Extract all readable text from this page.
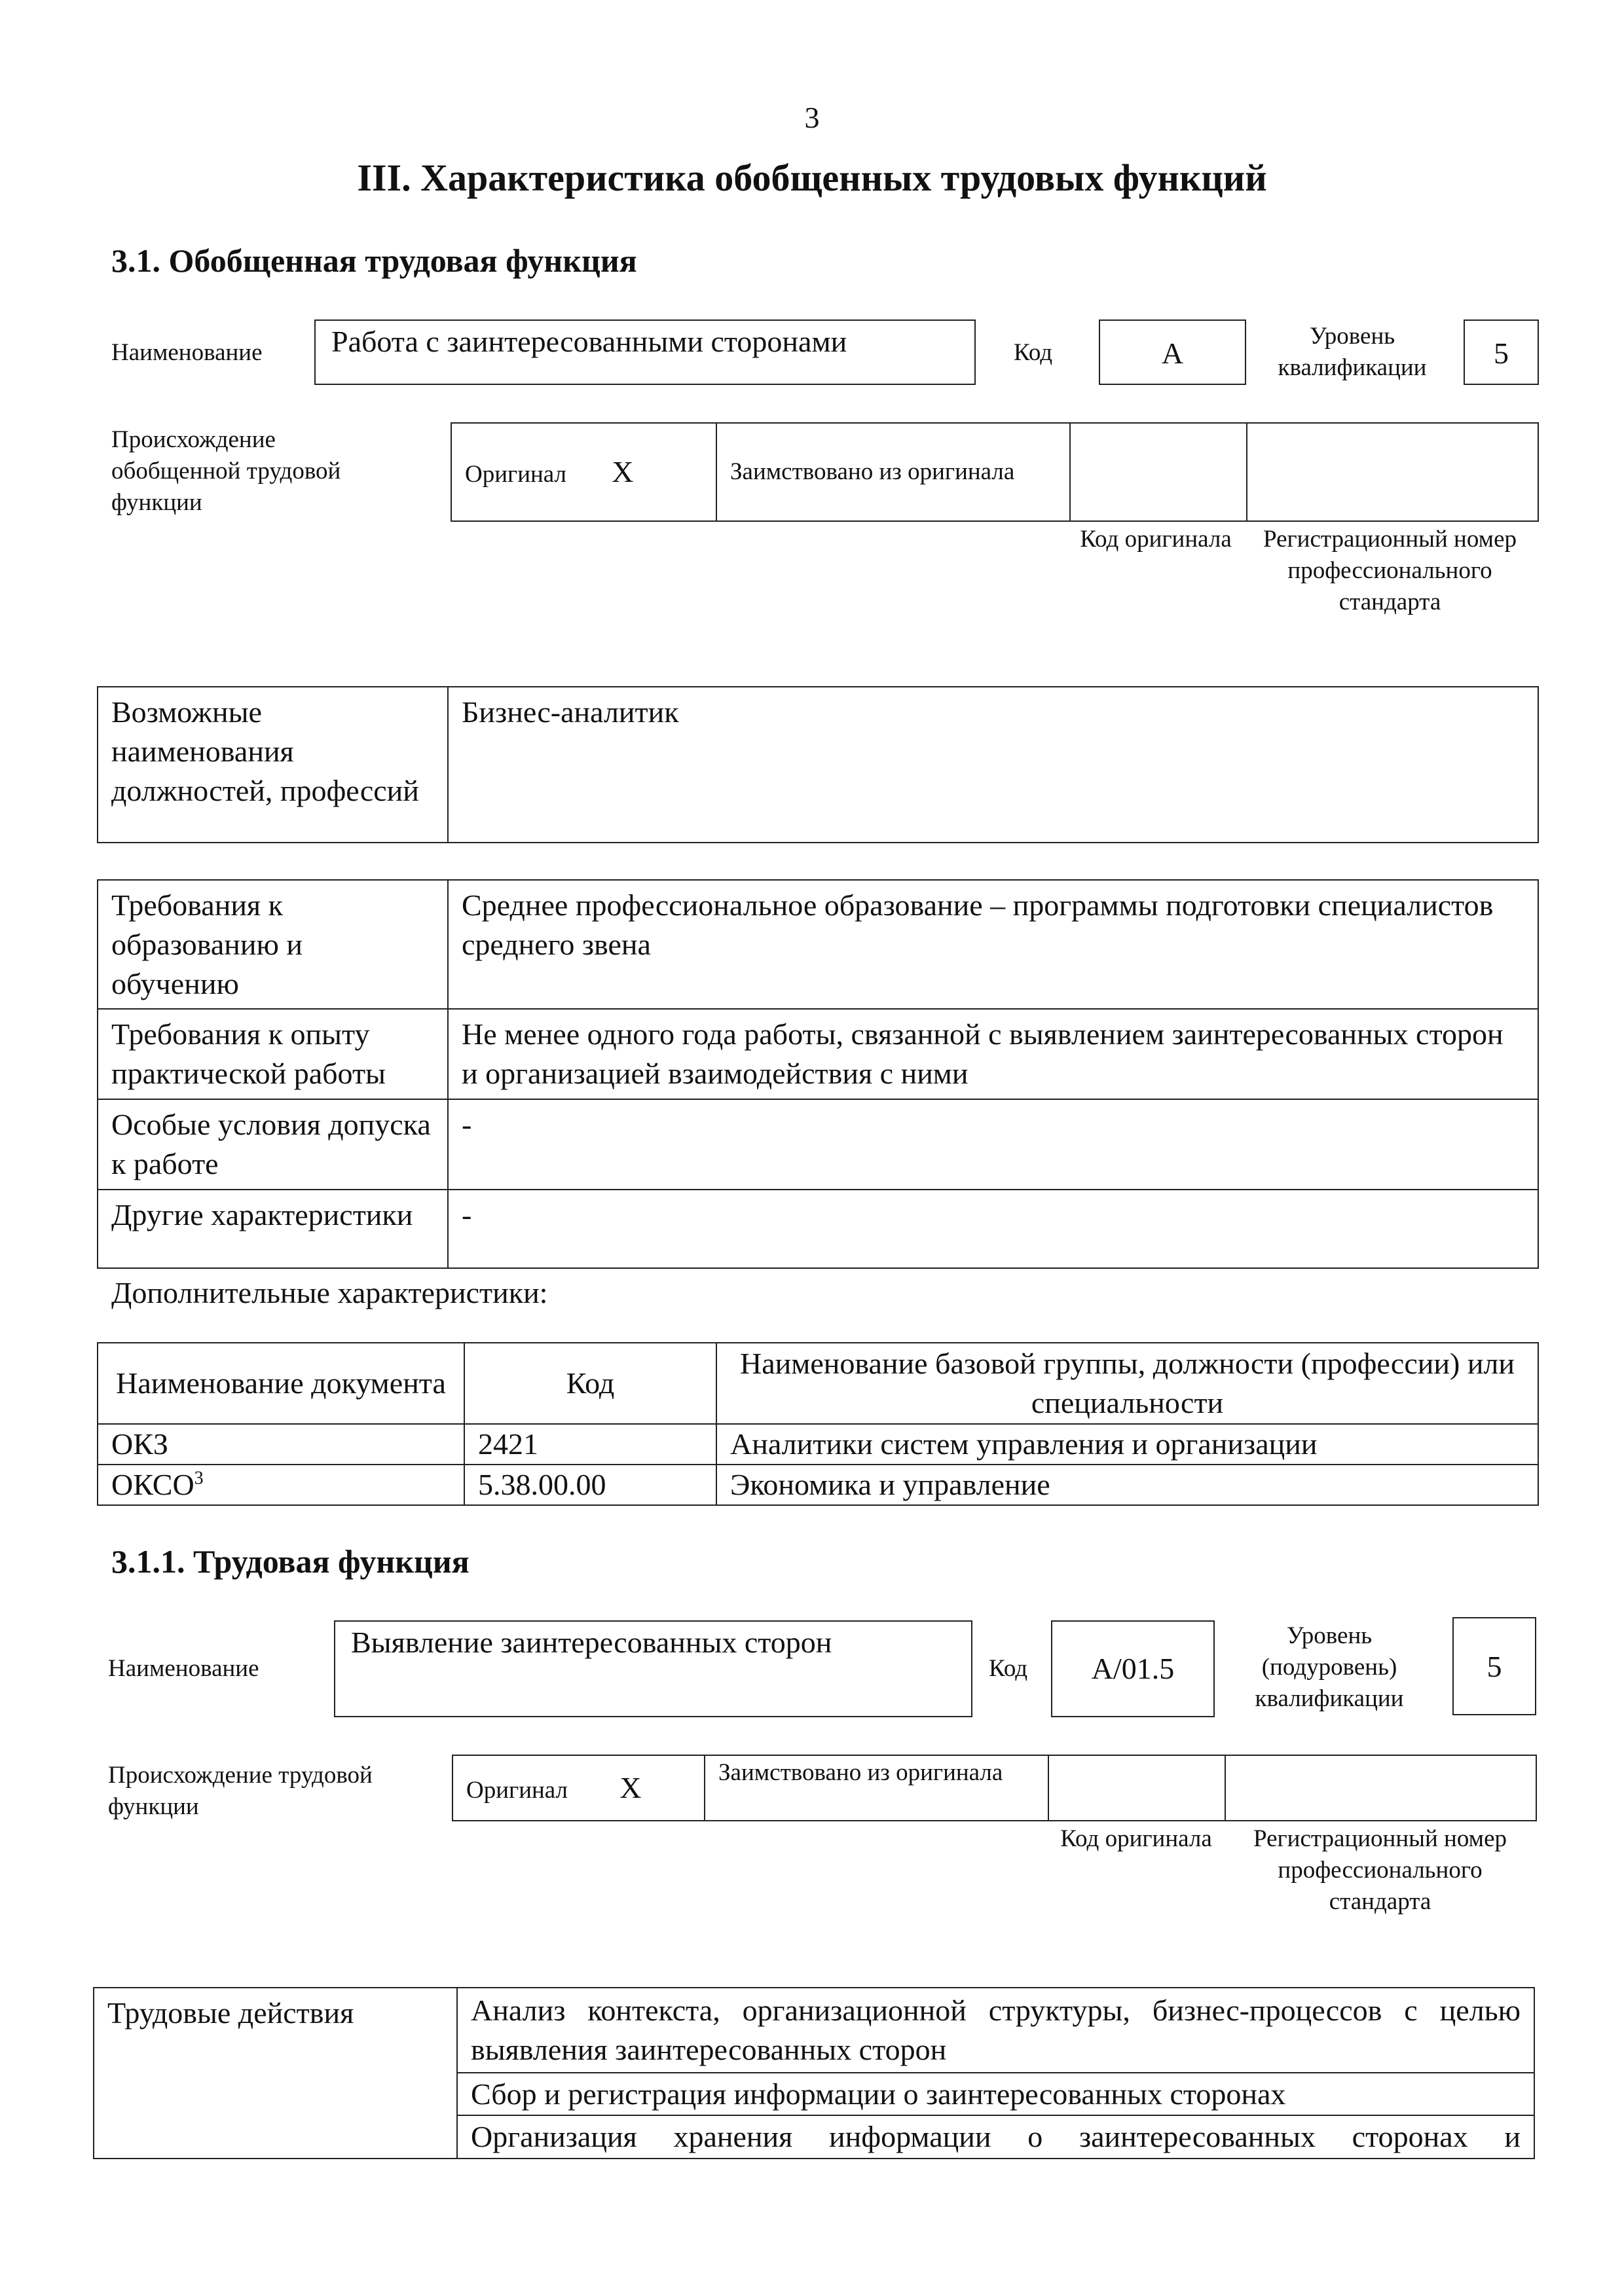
3
III. Характеристика обобщенных трудовых функций
3.1. Обобщенная трудовая функция
Наименование	Работа с заинтересованными сторонами	Код	A
Уровень квалификации	5
Происхождение обобщенной трудовой функции
Оригинал X	Заимствовано из оригинала		
Код оригинала	Регистрационный номер профессионального стандарта
Возможные наименования должностей, профессий	Бизнес-аналитик
Требования к образованию и обучению	Среднее профессиональное образование – программы подготовки специалистов среднего звена
Требования к опыту практической работы	Не менее одного года работы, связанной с выявлением заинтересованных сторон и организацией взаимодействия с ними
Особые условия допуска к работе	-
Другие характеристики	-
Дополнительные характеристики:
Наименование документа	Код	Наименование базовой группы, должности (профессии) или специальности
ОКЗ	2421	Аналитики систем управления и организации
ОКСО$^3$	5.38.00.00	Экономика и управление
3.1.1. Трудовая функция
Наименование
Выявление заинтересованных сторон
Код	A/01.5
Уровень (подуровень) квалификации
5
Происхождение трудовой функции
Оригинал X	Заимствовано из оригинала		
Код оригинала	Регистрационный номер профессионального стандарта
Трудовые действия	Анализ контекста, организационной структуры, бизнес-процессов с целью выявления заинтересованных сторон
Сбор и регистрация информации о заинтересованных сторонах
Организация хранения информации о заинтересованных сторонах и
